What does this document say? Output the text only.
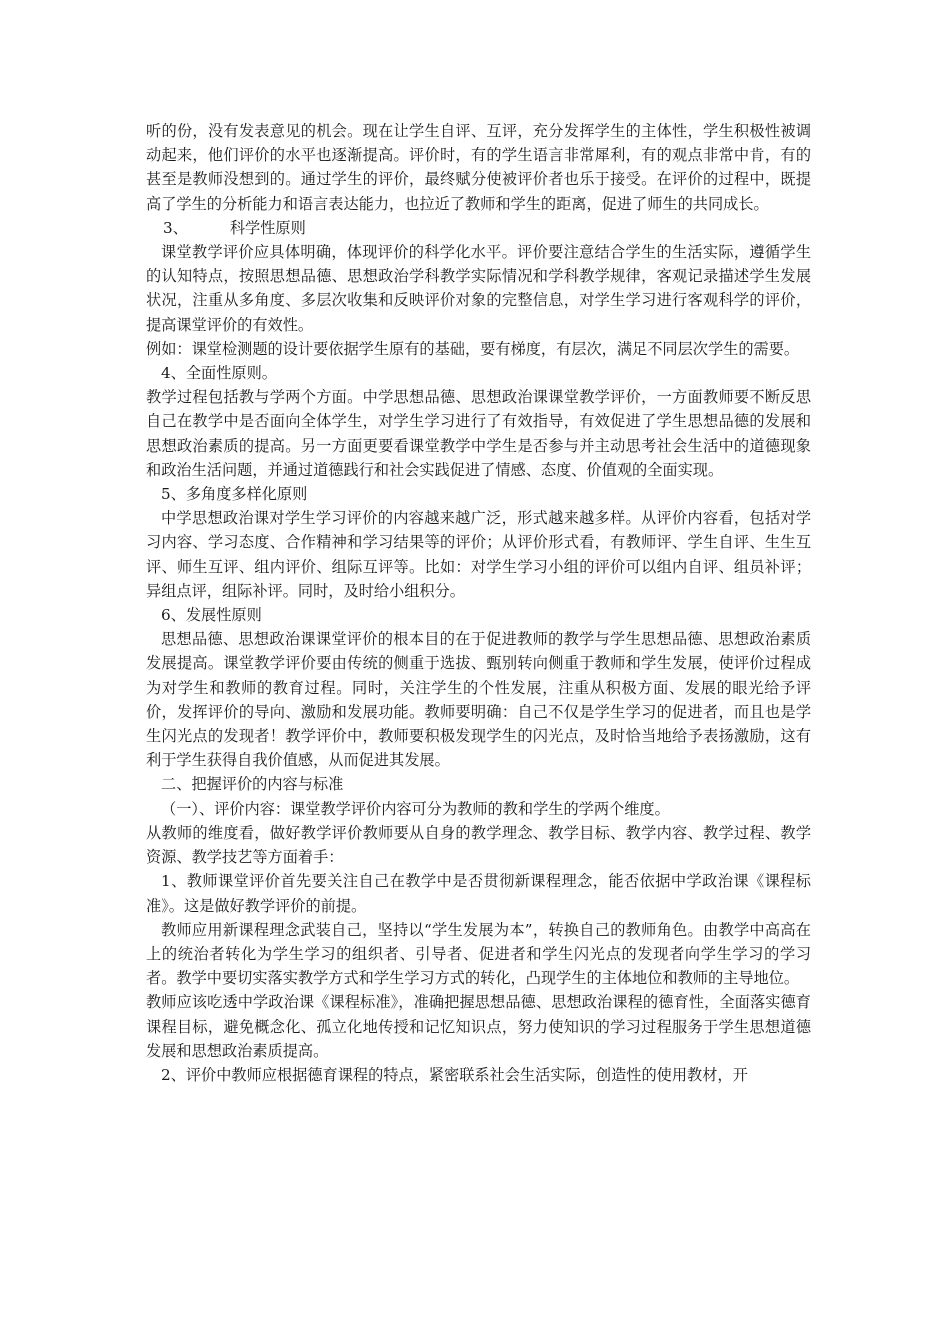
听的份，没有发表意见的机会。现在让学生自评、互评，充分发挥学生的主体性，学生积极性被调动起来，他们评价的水平也逐渐提高。评价时，有的学生语言非常犀利，有的观点非常中肯，有的甚至是教师没想到的。通过学生的评价，最终赋分使被评价者也乐于接受。在评价的过程中，既提高了学生的分析能力和语言表达能力，也拉近了教师和学生的距离，促进了师生的共同成长。

3、	科学性原则

课堂教学评价应具体明确，体现评价的科学化水平。评价要注意结合学生的生活实际，遵循学生的认知特点，按照思想品德、思想政治学科教学实际情况和学科教学规律，客观记录描述学生发展状况，注重从多角度、多层次收集和反映评价对象的完整信息，对学生学习进行客观科学的评价，提高课堂评价的有效性。

例如：课堂检测题的设计要依据学生原有的基础，要有梯度，有层次，满足不同层次学生的需要。

4、全面性原则。

教学过程包括教与学两个方面。中学思想品德、思想政治课课堂教学评价，一方面教师要不断反思自己在教学中是否面向全体学生，对学生学习进行了有效指导，有效促进了学生思想品德的发展和思想政治素质的提高。另一方面更要看课堂教学中学生是否参与并主动思考社会生活中的道德现象和政治生活问题，并通过道德践行和社会实践促进了情感、态度、价值观的全面实现。

5、多角度多样化原则

中学思想政治课对学生学习评价的内容越来越广泛，形式越来越多样。从评价内容看，包括对学习内容、学习态度、合作精神和学习结果等的评价；从评价形式看，有教师评、学生自评、生生互评、师生互评、组内评价、组际互评等。比如：对学生学习小组的评价可以组内自评、组员补评；异组点评，组际补评。同时，及时给小组积分。

6、发展性原则

思想品德、思想政治课课堂评价的根本目的在于促进教师的教学与学生思想品德、思想政治素质发展提高。课堂教学评价要由传统的侧重于选拔、甄别转向侧重于教师和学生发展，使评价过程成为对学生和教师的教育过程。同时，关注学生的个性发展，注重从积极方面、发展的眼光给予评价，发挥评价的导向、激励和发展功能。教师要明确：自己不仅是学生学习的促进者，而且也是学生闪光点的发现者！教学评价中，教师要积极发现学生的闪光点，及时恰当地给予表扬激励，这有利于学生获得自我价值感，从而促进其发展。

二、把握评价的内容与标准

（一）、评价内容：课堂教学评价内容可分为教师的教和学生的学两个维度。

从教师的维度看，做好教学评价教师要从自身的教学理念、教学目标、教学内容、教学过程、教学资源、教学技艺等方面着手：

1、教师课堂评价首先要关注自己在教学中是否贯彻新课程理念，能否依据中学政治课《课程标准》。这是做好教学评价的前提。

教师应用新课程理念武装自己，坚持以“学生发展为本”，转换自己的教师角色。由教学中高高在上的统治者转化为学生学习的组织者、引导者、促进者和学生闪光点的发现者向学生学习的学习者。教学中要切实落实教学方式和学生学习方式的转化，凸现学生的主体地位和教师的主导地位。

教师应该吃透中学政治课《课程标准》，准确把握思想品德、思想政治课程的德育性，全面落实德育课程目标，避免概念化、孤立化地传授和记忆知识点，努力使知识的学习过程服务于学生思想道德发展和思想政治素质提高。

2、评价中教师应根据德育课程的特点，紧密联系社会生活实际，创造性的使用教材，开
